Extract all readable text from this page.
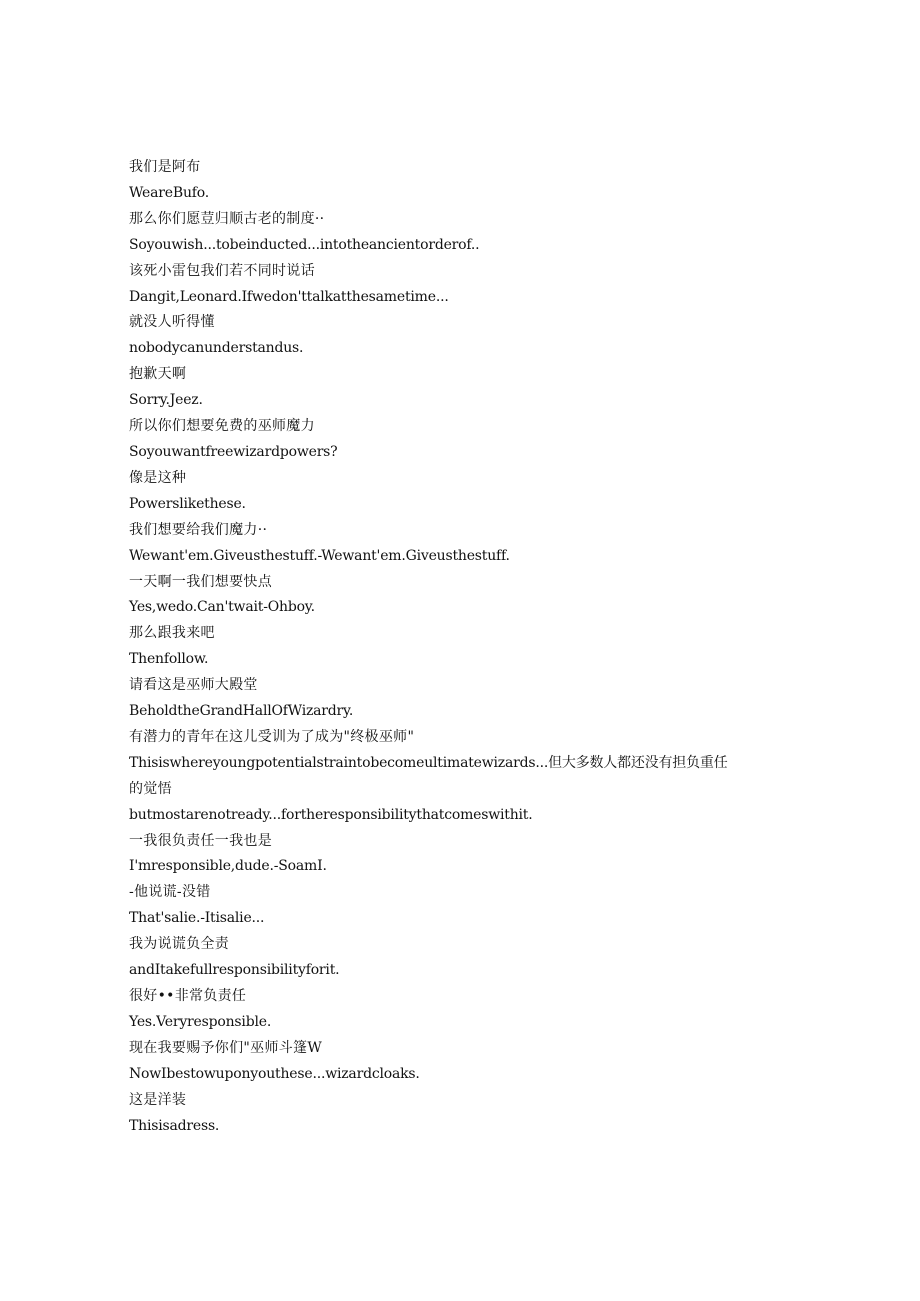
我们是阿布
WeareBufo.
那么你们愿荳归顺古老的制度··
Soyouwish...tobeinducted...intotheancientorderof..
该死小雷包我们若不同时说话
Dangit,Leonard.Ifwedon'ttalkatthesametime...
就没人听得懂
nobodycanunderstandus.
抱歉天啊
Sorry.Jeez.
所以你们想要免费的巫师魔力
Soyouwantfreewizardpowers?
像是这种
Powerslikethese.
我们想要给我们魔力··
Wewant'em.Giveusthestuff.-Wewant'em.Giveusthestuff.
一天啊一我们想要快点
Yes,wedo.Can'twait-Ohboy.
那么跟我来吧
Thenfollow.
请看这是巫师大殿堂
BeholdtheGrandHallOfWizardry.
有潜力的青年在这儿受训为了成为"终极巫师"
Thisiswhereyoungpotentialstraintobecomeultimatewizards...但大多数人都还没有担负重任
的觉悟
butmostarenotready...fortheresponsibilitythatcomeswithit.
一我很负责任一我也是
I'mresponsible,dude.-SoamI.
-他说谎-没错
That'salie.-Itisalie...
我为说谎负全责
andItakefullresponsibilityforit.
很好••非常负责任
Yes.Veryresponsible.
现在我要赐予你们"巫师斗篷W
NowIbestowuponyouthese...wizardcloaks.
这是洋装
Thisisadress.
